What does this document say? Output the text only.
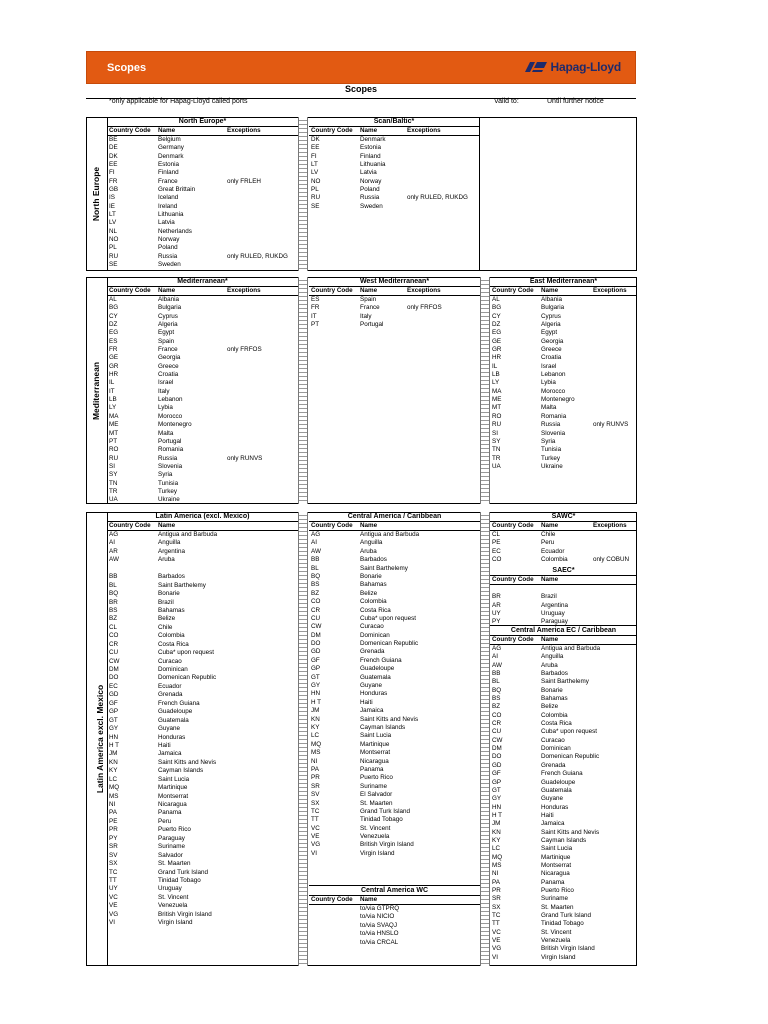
Scopes	Hapag-Lloyd
Scopes
*only applicable for Hapag-Lloyd called ports	Valid to:	Until further notice
North Europe
Mediterranean
Latin America excl. Mexico
North Europe*
Country Code Name	Exceptions
BE	Belgium
DE	Germany
DK	Denmark
EE	Estonia
FI	Finland
FR	France	only FRLEH
GB	Great Brittain
IS	Iceland
IE	Ireland
LT	Lithuania
LV	Latvia
NL	Netherlands
NO	Norway
PL	Poland
RU	Russia	only RULED, RUKDG
SE	Sweden
Scan/Baltic*
Country Code Name	Exceptions
DK	Denmark
EE	Estonia
FI	Finland
LT	Lithuania
LV	Latvia
NO	Norway
PL	Poland
RU	Russia	only RULED, RUKDG
SE	Sweden
Mediterranean*
Country Code Name	Exceptions
AL	Albania
BG	Bulgaria
CY	Cyprus
DZ	Algeria
EG	Egypt
ES	Spain
FR	France	only FRFOS
GE	Georgia
GR	Greece
HR	Croatia
IL	Israel
IT	Italy
LB	Lebanon
LY	Lybia
MA	Morocco
ME	Montenegro
MT	Malta
PT	Portugal
RO	Romania
RU	Russia	only RUNVS
SI	Slovenia
SY	Syria
TN	Tunisia
TR	Turkey
UA	Ukraine
West Mediterranean*
Country Code Name	Exceptions
ES	Spain
FR	France	only FRFOS
IT	Italy
PT	Portugal
East Mediterranean*
Country Code Name	Exceptions
AL	Albania
BG	Bulgaria
CY	Cyprus
DZ	Algeria
EG	Egypt
GE	Georgia
GR	Greece
HR	Croatia
IL	Israel
LB	Lebanon
LY	Lybia
MA	Morocco
ME	Montenegro
MT	Malta
RO	Romania
RU	Russia	only RUNVS
SI	Slovenia
SY	Syria
TN	Tunisia
TR	Turkey
UA	Ukraine
Latin America (excl. Mexico)
Country Code Name
AG	Antigua and Barbuda
AI	Anguilla
AR	Argentina
AW	Aruba
BB	Barbados
BL	Saint Barthelemy
BQ	Bonarie
BR	Brazil
BS	Bahamas
BZ	Belize
CL	Chile
CO	Colombia
CR	Costa Rica
CU	Cuba* upon request
CW	Curacao
DM	Dominican
DO	Domenican Republic
EC	Ecuador
GD	Grenada
GF	French Guiana
GP	Guadeloupe
GT	Guatemala
GY	Guyane
HN	Honduras
H T	Haiti
JM	Jamaica
KN	Saint Kitts and Nevis
KY	Cayman Islands
LC	Saint Lucia
MQ	Martinique
MS	Montserrat
NI	Nicaragua
PA	Panama
PE	Peru
PR	Puerto Rico
PY	Paraguay
SR	Suriname
SV	Salvador
SX	St. Maarten
TC	Grand Turk Island
TT	Tinidad Tobago
UY	Uruguay
VC	St. Vincent
VE	Venezuela
VG	British Virgin Island
VI	Virgin Island
Central America / Caribbean
Country Code Name
AG	Antigua and Barbuda
AI	Anguilla
AW	Aruba
BB	Barbados
BL	Saint Barthelemy
BQ	Bonarie
BS	Bahamas
BZ	Belize
CO	Colombia
CR	Costa Rica
CU	Cuba* upon request
CW	Curacao
DM	Dominican
DO	Domenican Republic
GD	Grenada
GF	French Guiana
GP	Guadeloupe
GT	Guatemala
GY	Guyane
HN	Honduras
H T	Haiti
JM	Jamaica
KN	Saint Kitts and Nevis
KY	Cayman Islands
LC	Saint Lucia
MQ	Martinique
MS	Montserrat
NI	Nicaragua
PA	Panama
PR	Puerto Rico
SR	Suriname
SV	El Salvador
SX	St. Maarten
TC	Grand Turk Island
TT	Tinidad Tobago
VC	St. Vincent
VE	Venezuela
VG	British Virgin Island
VI	Virgin Island
Central America WC
Country Code Name
to/via GTPRQ
to/via NICIO
to/via SVAQJ
to/via HNSLO
to/via CRCAL
SAWC*
Country Code Name	Exceptions
CL	Chile
PE	Peru
EC	Ecuador
CO	Colombia	only COBUN
SAEC*
Country Code Name
BR	Brazil
AR	Argentina
UY	Uruguay
PY	Paraguay
Central America EC / Caribbean
Country Code Name
AG	Antigua and Barbuda
AI	Anguilla
AW	Aruba
BB	Barbados
BL	Saint Barthelemy
BQ	Bonarie
BS	Bahamas
BZ	Belize
CO	Colombia
CR	Costa Rica
CU	Cuba* upon request
CW	Curacao
DM	Dominican
DO	Domenican Republic
GD	Grenada
GF	French Guiana
GP	Guadeloupe
GT	Guatemala
GY	Guyane
HN	Honduras
H T	Haiti
JM	Jamaica
KN	Saint Kitts and Nevis
KY	Cayman Islands
LC	Saint Lucia
MQ	Martinique
MS	Montserrat
NI	Nicaragua
PA	Panama
PR	Puerto Rico
SR	Suriname
SX	St. Maarten
TC	Grand Turk Island
TT	Tinidad Tobago
VC	St. Vincent
VE	Venezuela
VG	British Virgin Island
VI	Virgin Island
